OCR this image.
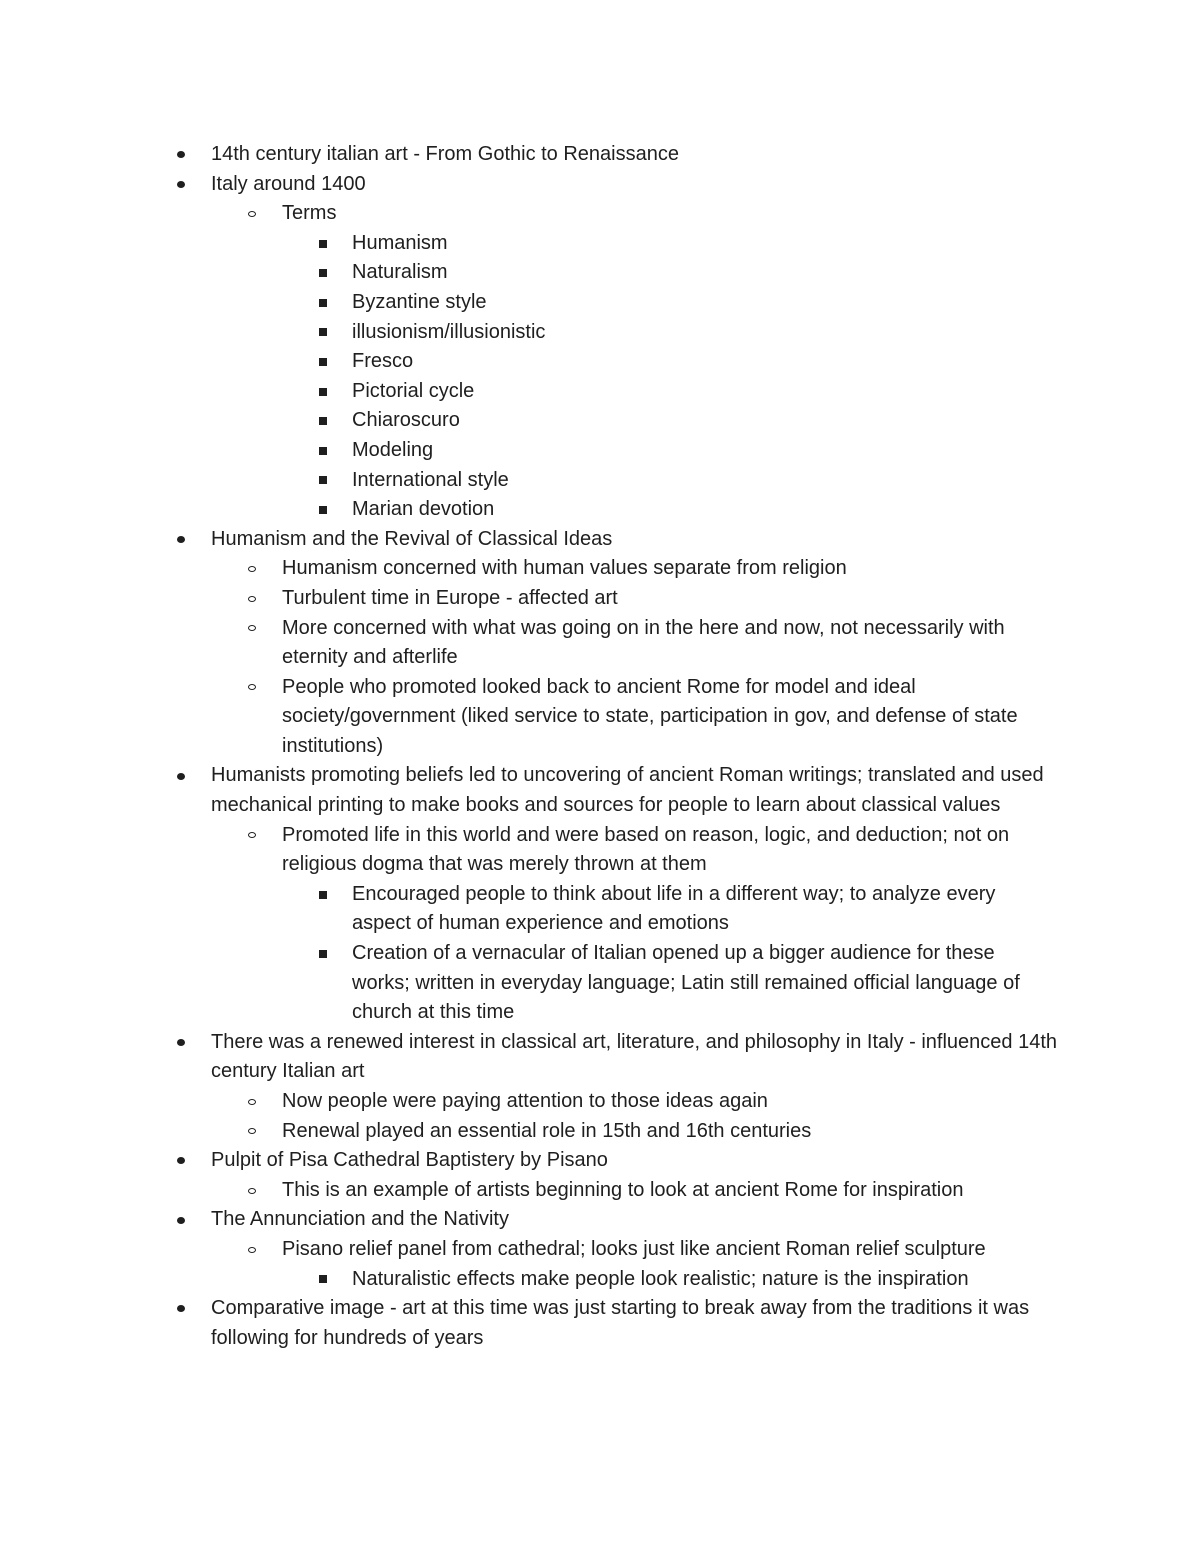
14th century italian art - From Gothic to Renaissance
Italy around 1400
Terms
Humanism
Naturalism
Byzantine style
illusionism/illusionistic
Fresco
Pictorial cycle
Chiaroscuro
Modeling
International style
Marian devotion
Humanism and the Revival of Classical Ideas
Humanism concerned with human values separate from religion
Turbulent time in Europe - affected art
More concerned with what was going on in the here and now, not necessarily with eternity and afterlife
People who promoted looked back to ancient Rome for model and ideal society/government (liked service to state, participation in gov, and defense of state institutions)
Humanists promoting beliefs led to uncovering of ancient Roman writings; translated and used mechanical printing to make books and sources for people to learn about classical values
Promoted life in this world and were based on reason, logic, and deduction; not on religious dogma that was merely thrown at them
Encouraged people to think about life in a different way; to analyze every aspect of human experience and emotions
Creation of a vernacular of Italian opened up a bigger audience for these works; written in everyday language; Latin still remained official language of church at this time
There was a renewed interest in classical art, literature, and philosophy in Italy - influenced 14th century Italian art
Now people were paying attention to those ideas again
Renewal played an essential role in 15th and 16th centuries
Pulpit of Pisa Cathedral Baptistery by Pisano
This is an example of artists beginning to look at ancient Rome for inspiration
The Annunciation and the Nativity
Pisano relief panel from cathedral; looks just like ancient Roman relief sculpture
Naturalistic effects make people look realistic; nature is the inspiration
Comparative image - art at this time was just starting to break away from the traditions it was following for hundreds of years
